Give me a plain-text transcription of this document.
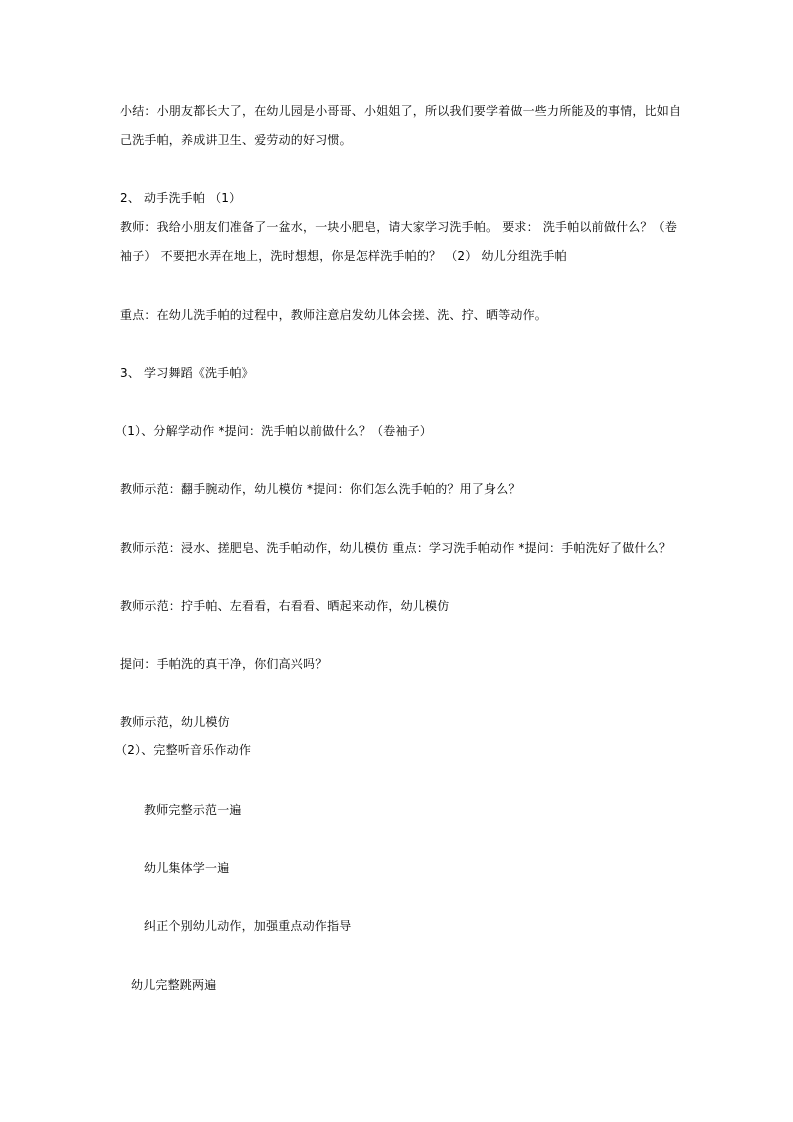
小结：小朋友都长大了，在幼儿园是小哥哥、小姐姐了，所以我们要学着做一些力所能及的事情，比如自
己洗手帕，养成讲卫生、爱劳动的好习惯。
2、 动手洗手帕 （1）
教师：我给小朋友们准备了一盆水，一块小肥皂，请大家学习洗手帕。 要求： 洗手帕以前做什么？（卷
袖子） 不要把水弄在地上，洗时想想，你是怎样洗手帕的？ （2） 幼儿分组洗手帕
重点：在幼儿洗手帕的过程中，教师注意启发幼儿体会搓、洗、拧、晒等动作。
3、 学习舞蹈《洗手帕》
（1）、分解学动作 *提问：洗手帕以前做什么？（卷袖子）
教师示范：翻手腕动作，幼儿模仿 *提问：你们怎么洗手帕的？用了身么？
教师示范：浸水、搓肥皂、洗手帕动作，幼儿模仿 重点：学习洗手帕动作 *提问：手帕洗好了做什么？
教师示范：拧手帕、左看看，右看看、晒起来动作，幼儿模仿
提问：手帕洗的真干净，你们高兴吗？
教师示范，幼儿模仿
（2）、完整听音乐作动作
教师完整示范一遍
幼儿集体学一遍
纠正个别幼儿动作，加强重点动作指导
幼儿完整跳两遍
